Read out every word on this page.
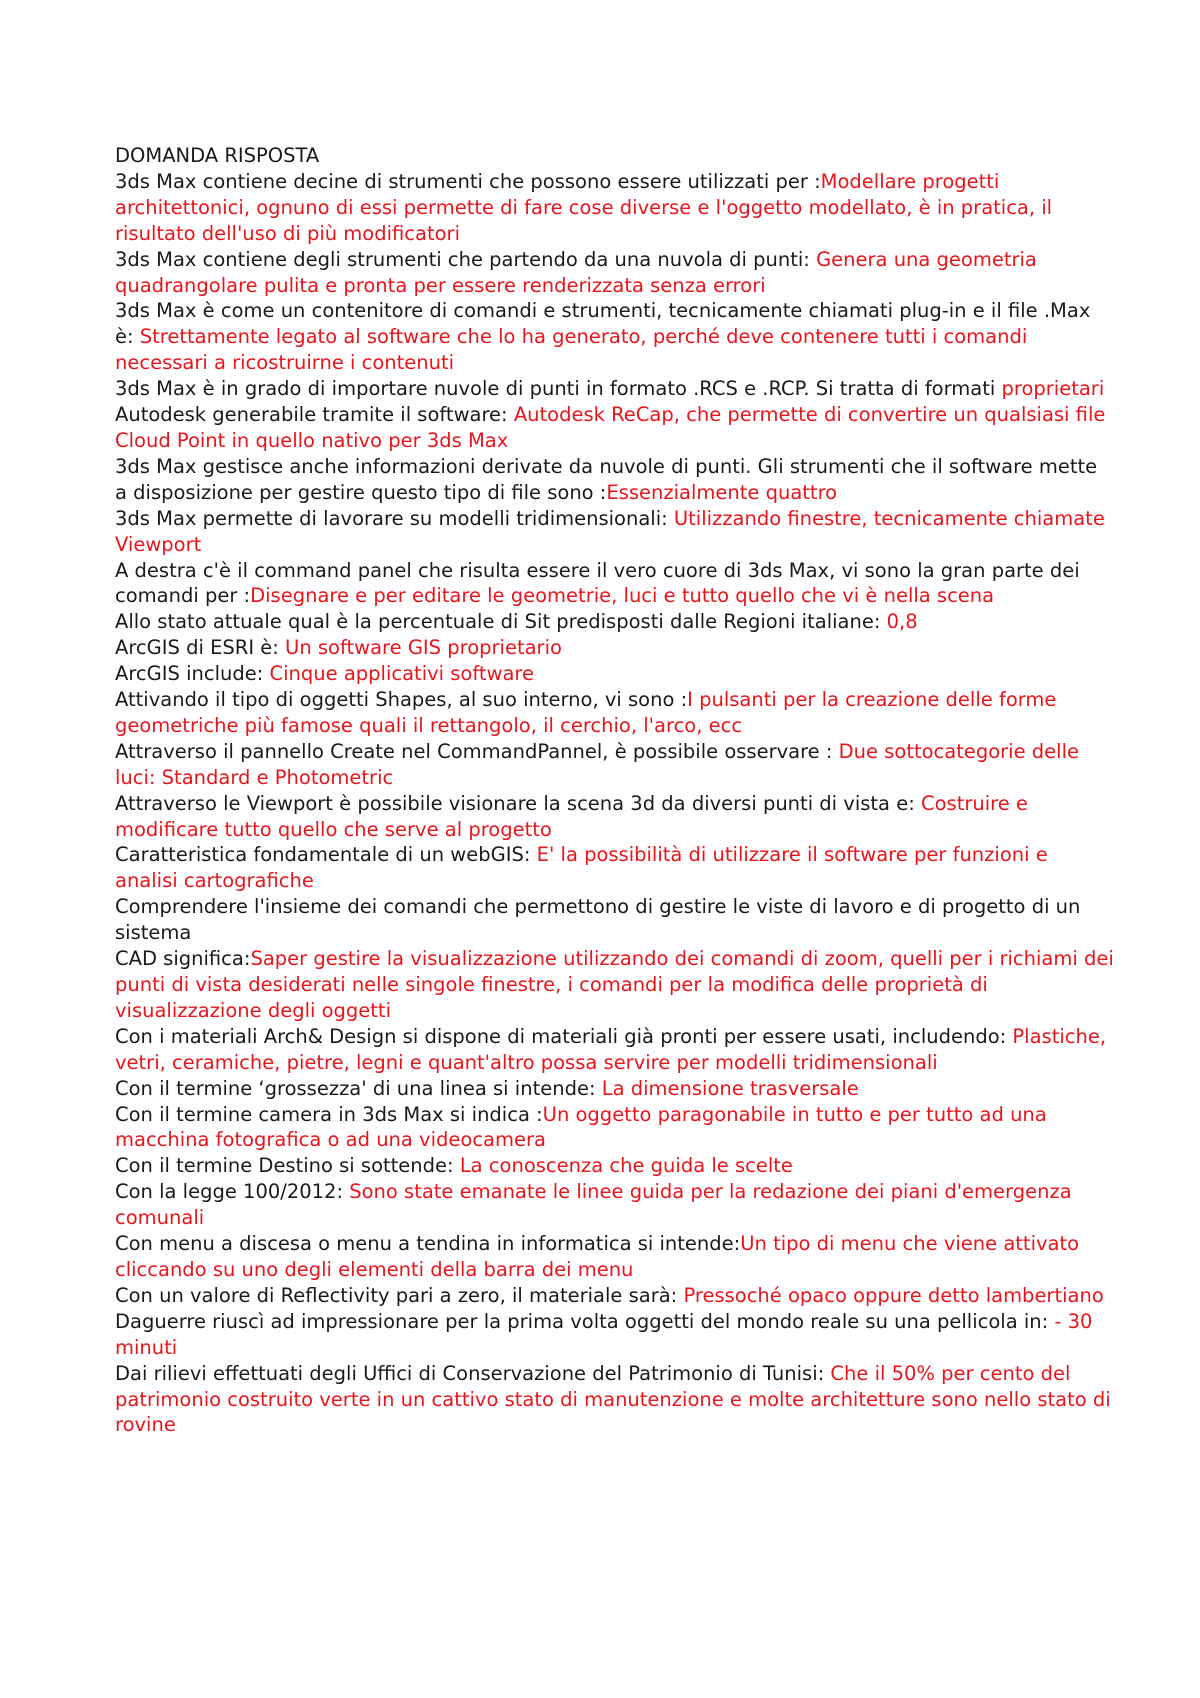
DOMANDA RISPOSTA

3ds Max contiene decine di strumenti che possono essere utilizzati per :Modellare progetti architettonici, ognuno di essi permette di fare cose diverse e l'oggetto modellato, è in pratica, il risultato dell'uso di più modificatori

3ds Max contiene degli strumenti che partendo da una nuvola di punti: Genera una geometria quadrangolare pulita e pronta per essere renderizzata senza errori

3ds Max è come un contenitore di comandi e strumenti, tecnicamente chiamati plug-in e il file .Max è: Strettamente legato al software che lo ha generato, perché deve contenere tutti i comandi necessari a ricostruirne i contenuti

3ds Max è in grado di importare nuvole di punti in formato .RCS e .RCP. Si tratta di formati proprietari

Autodesk generabile tramite il software: Autodesk ReCap, che permette di convertire un qualsiasi file Cloud Point in quello nativo per 3ds Max

3ds Max gestisce anche informazioni derivate da nuvole di punti. Gli strumenti che il software mette a disposizione per gestire questo tipo di file sono :Essenzialmente quattro

3ds Max permette di lavorare su modelli tridimensionali: Utilizzando finestre, tecnicamente chiamate Viewport

A destra c'è il command panel che risulta essere il vero cuore di 3ds Max, vi sono la gran parte dei comandi per :Disegnare e per editare le geometrie, luci e tutto quello che vi è nella scena

Allo stato attuale qual è la percentuale di Sit predisposti dalle Regioni italiane: 0,8

ArcGIS di ESRI è: Un software GIS proprietario

ArcGIS include: Cinque applicativi software

Attivando il tipo di oggetti Shapes, al suo interno, vi sono :I pulsanti per la creazione delle forme geometriche più famose quali il rettangolo, il cerchio, l'arco, ecc

Attraverso il pannello Create nel CommandPannel, è possibile osservare : Due sottocategorie delle luci: Standard e Photometric

Attraverso le Viewport è possibile visionare la scena 3d da diversi punti di vista e: Costruire e modificare tutto quello che serve al progetto

Caratteristica fondamentale di un webGIS: E' la possibilità di utilizzare il software per funzioni e analisi cartografiche

Comprendere l'insieme dei comandi che permettono di gestire le viste di lavoro e di progetto di un sistema

CAD significa:Saper gestire la visualizzazione utilizzando dei comandi di zoom, quelli per i richiami dei punti di vista desiderati nelle singole finestre, i comandi per la modifica delle proprietà di visualizzazione degli oggetti

Con i materiali Arch& Design si dispone di materiali già pronti per essere usati, includendo: Plastiche, vetri, ceramiche, pietre, legni e quant'altro possa servire per modelli tridimensionali

Con il termine ‘grossezza' di una linea si intende: La dimensione trasversale

Con il termine camera in 3ds Max si indica :Un oggetto paragonabile in tutto e per tutto ad una macchina fotografica o ad una videocamera

Con il termine Destino si sottende: La conoscenza che guida le scelte

Con la legge 100/2012: Sono state emanate le linee guida per la redazione dei piani d'emergenza comunali

Con menu a discesa o menu a tendina in informatica si intende:Un tipo di menu che viene attivato cliccando su uno degli elementi della barra dei menu

Con un valore di Reflectivity pari a zero, il materiale sarà: Pressoché opaco oppure detto lambertiano

Daguerre riuscì ad impressionare per la prima volta oggetti del mondo reale su una pellicola in: - 30 minuti

Dai rilievi effettuati degli Uffici di Conservazione del Patrimonio di Tunisi: Che il 50% per cento del patrimonio costruito verte in un cattivo stato di manutenzione e molte architetture sono nello stato di rovine
